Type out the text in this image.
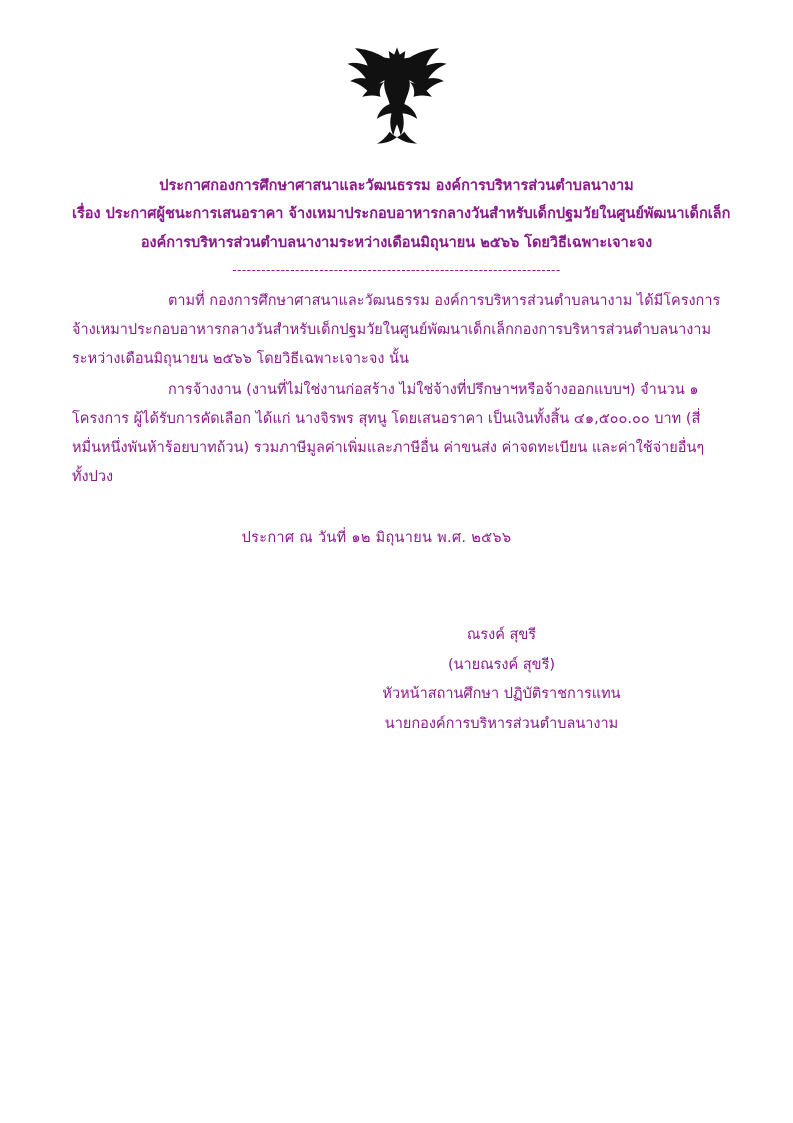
ประกาศกองการศึกษาศาสนาและวัฒนธรรม องค์การบริหารส่วนตำบลนางาม
เรื่อง ประกาศผู้ชนะการเสนอราคา จ้างเหมาประกอบอาหารกลางวันสำหรับเด็กปฐมวัยในศูนย์พัฒนาเด็กเล็ก
องค์การบริหารส่วนตำบลนางามระหว่างเดือนมิถุนายน ๒๕๖๖ โดยวิธีเฉพาะเจาะจง
--------------------------------------------------------------------

ตามที่ กองการศึกษาศาสนาและวัฒนธรรม องค์การบริหารส่วนตำบลนางาม ได้มีโครงการ จ้างเหมาประกอบอาหารกลางวันสำหรับเด็กปฐมวัยในศูนย์พัฒนาเด็กเล็กกองการบริหารส่วนตำบลนางามระหว่างเดือนมิถุนายน ๒๕๖๖ โดยวิธีเฉพาะเจาะจง นั้น

การจ้างงาน (งานที่ไม่ใช่งานก่อสร้าง ไม่ใช่จ้างที่ปรึกษาฯหรือจ้างออกแบบฯ) จำนวน ๑ โครงการ ผู้ได้รับการคัดเลือก ได้แก่ นางจิรพร สุทนู โดยเสนอราคา เป็นเงินทั้งสิ้น ๔๑,๕๐๐.๐๐ บาท (สี่หมื่นหนึ่งพันห้าร้อยบาทถ้วน) รวมภาษีมูลค่าเพิ่มและภาษีอื่น ค่าขนส่ง ค่าจดทะเบียน และค่าใช้จ่ายอื่นๆ ทั้งปวง

ประกาศ ณ วันที่ ๑๒ มิถุนายน พ.ศ. ๒๕๖๖
ณรงค์ สุขรี
(นายณรงค์ สุขรี)
หัวหน้าสถานศึกษา ปฏิบัติราชการแทน
นายกองค์การบริหารส่วนตำบลนางาม
